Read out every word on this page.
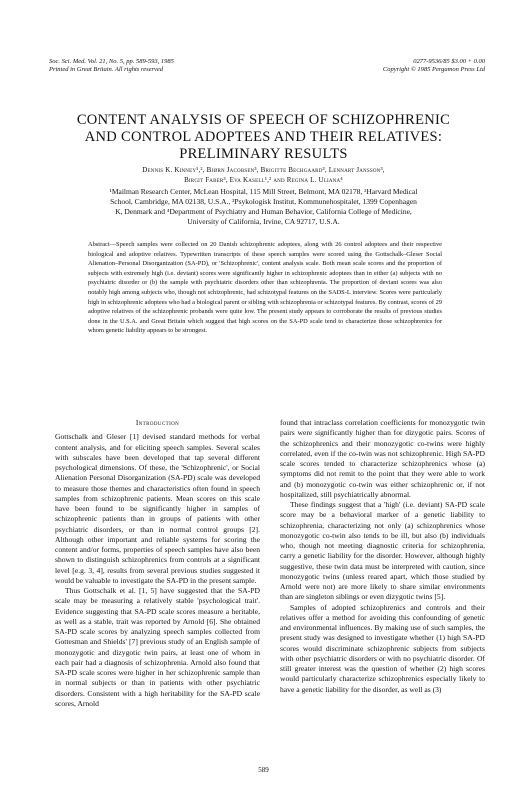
Soc. Sci. Med. Vol. 21, No. 5, pp. 589-593, 1985
Printed in Great Britain. All rights reserved
0277-9536/85 $3.00 + 0.00
Copyright © 1985 Pergamon Press Ltd
CONTENT ANALYSIS OF SPEECH OF SCHIZOPHRENIC
AND CONTROL ADOPTEES AND THEIR RELATIVES:
PRELIMINARY RESULTS
Dennis K. Kinney¹,², Bjørn Jacobsen³, Brigitte Bechgaard³, Lennart Jansson³,
Birgit Faber³, Eva Kasell¹,² and Regina L. Uliana⁴
¹Mailman Research Center, McLean Hospital, 115 Mill Street, Belmont, MA 02178, ²Harvard Medical
School, Cambridge, MA 02138, U.S.A., ³Psykologisk Institut, Kommunehospitalet, 1399 Copenhagen
K, Denmark and ⁴Department of Psychiatry and Human Behavior, California College of Medicine,
University of California, Irvine, CA 92717, U.S.A.

Abstract—Speech samples were collected on 20 Danish schizophrenic adoptees, along with 26 control adoptees and their respective biological and adoptive relatives. Typewritten transcripts of these speech samples were scored using the Gottschalk–Gleser Social Alienation–Personal Disorganization (SA-PD), or 'Schizophrenic', content analysis scale. Both mean scale scores and the proportion of subjects with extremely high (i.e. deviant) scores were significantly higher in schizophrenic adoptees than in either (a) subjects with no psychiatric disorder or (b) the sample with psychiatric disorders other than schizophrenia. The proportion of deviant scores was also notably high among subjects who, though not schizophrenic, had schizotypal features on the SADS-L interview. Scores were particularly high in schizophrenic adoptees who had a biological parent or sibling with schizophrenia or schizotypal features. By contrast, scores of 29 adoptive relatives of the schizophrenic probands were quite low. The present study appears to corroborate the results of previous studies done in the U.S.A. and Great Britain which suggest that high scores on the SA-PD scale tend to characterize those schizophrenics for whom genetic liability appears to be strongest.

Introduction

Gottschalk and Gleser [1] devised standard methods for verbal content analysis, and for eliciting speech samples. Several scales with subscales have been developed that tap several different psychological dimensions. Of these, the 'Schizophrenic', or Social Alienation Personal Disorganization (SA-PD) scale was developed to measure those themes and characteristics often found in speech samples from schizophrenic patients. Mean scores on this scale have been found to be significantly higher in samples of schizophrenic patients than in groups of patients with other psychiatric disorders, or than in normal control groups [2]. Although other important and reliable systems for scoring the content and/or forms, properties of speech samples have also been shown to distinguish schizophrenics from controls at a significant level [e.g. 3, 4], results from several previous studies suggested it would be valuable to investigate the SA-PD in the present sample.

Thus Gottschalk et al. [1, 5] have suggested that the SA-PD scale may be measuring a relatively stable 'psychological trait'. Evidence suggesting that SA-PD scale scores measure a heritable, as well as a stable, trait was reported by Arnold [6]. She obtained SA-PD scale scores by analyzing speech samples collected from Gottesman and Shields' [7] previous study of an English sample of monozygotic and dizygotic twin pairs, at least one of whom in each pair had a diagnosis of schizophrenia. Arnold also found that SA-PD scale scores were higher in her schizophrenic sample than in normal subjects or than in patients with other psychiatric disorders. Consistent with a high heritability for the SA-PD scale scores, Arnold

found that intraclass correlation coefficients for monozygotic twin pairs were significantly higher than for dizygotic pairs. Scores of the schizophrenics and their monozygotic co-twins were highly correlated, even if the co-twin was not schizophrenic. High SA-PD scale scores tended to characterize schizophrenics whose (a) symptoms did not remit to the point that they were able to work and (b) monozygotic co-twin was either schizophrenic or, if not hospitalized, still psychiatrically abnormal.

These findings suggest that a 'high' (i.e. deviant) SA-PD scale score may be a behavioral marker of a genetic liability to schizophrenia, characterizing not only (a) schizophrenics whose monozygotic co-twin also tends to be ill, but also (b) individuals who, though not meeting diagnostic criteria for schizophrenia, carry a genetic liability for the disorder. However, although highly suggestive, these twin data must be interpreted with caution, since monozygotic twins (unless reared apart, which those studied by Arnold were not) are more likely to share similar environments than are singleton siblings or even dizygotic twins [5].

Samples of adopted schizophrenics and controls and their relatives offer a method for avoiding this confounding of genetic and environmental influences. By making use of such samples, the present study was designed to investigate whether (1) high SA-PD scores would discriminate schizophrenic subjects from subjects with other psychiatric disorders or with no psychiatric disorder. Of still greater interest was the question of whether (2) high scores would particularly characterize schizophrenics especially likely to have a genetic liability for the disorder, as well as (3)

589
